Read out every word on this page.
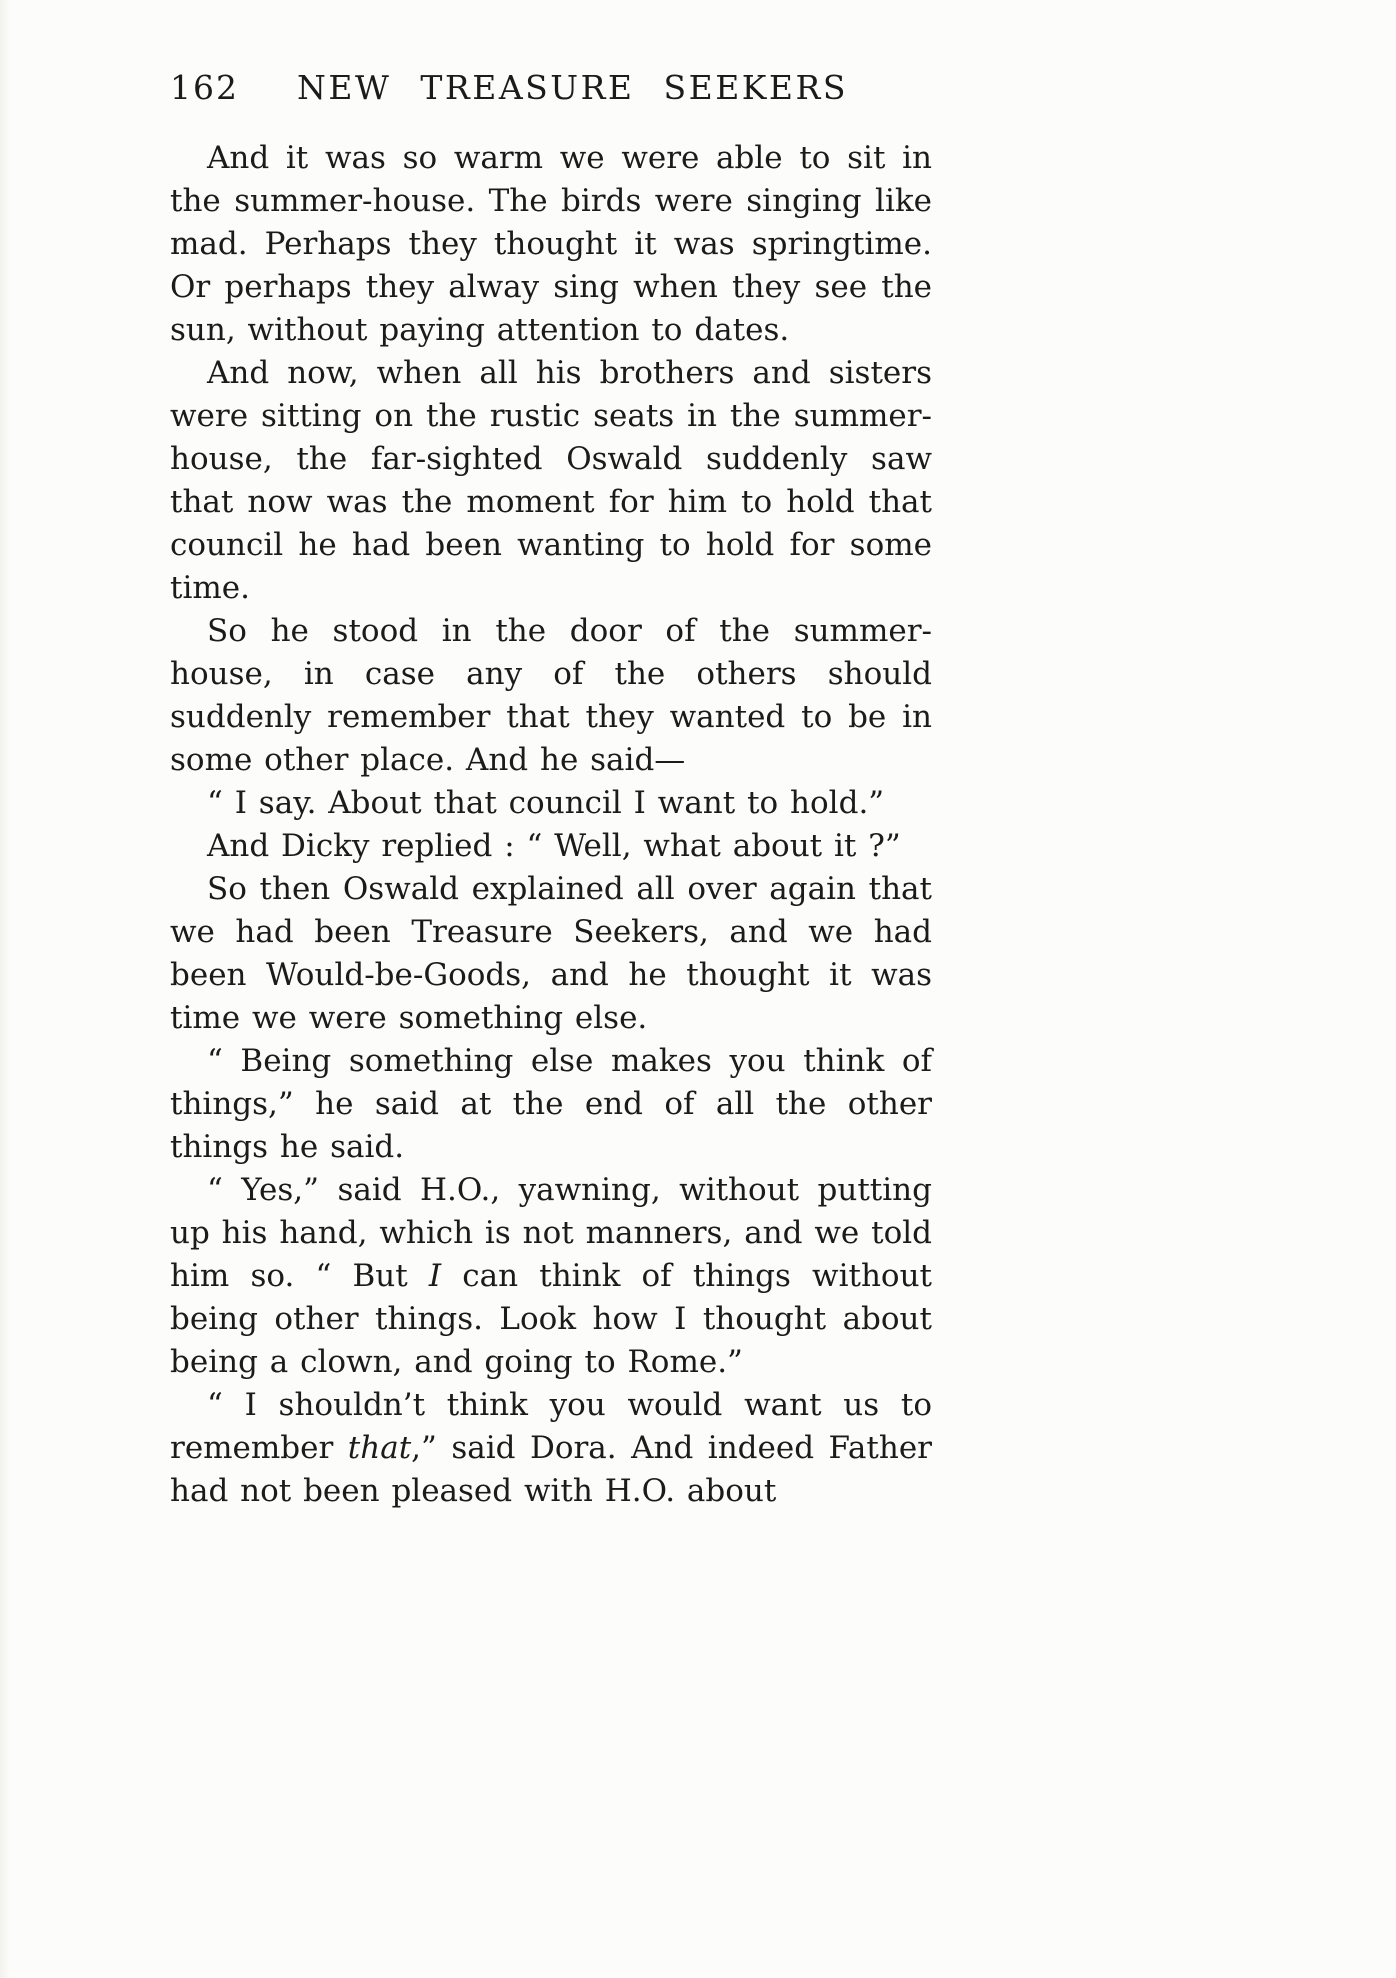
162 NEW TREASURE SEEKERS

And it was so warm we were able to sit in the summer-house. The birds were singing like mad. Perhaps they thought it was springtime. Or perhaps they alway sing when they see the sun, without paying attention to dates.

And now, when all his brothers and sisters were sitting on the rustic seats in the summer-house, the far-sighted Oswald suddenly saw that now was the moment for him to hold that council he had been wanting to hold for some time.

So he stood in the door of the summer-house, in case any of the others should suddenly remember that they wanted to be in some other place. And he said—

“ I say. About that council I want to hold.”

And Dicky replied : “ Well, what about it ?”

So then Oswald explained all over again that we had been Treasure Seekers, and we had been Would-be-Goods, and he thought it was time we were something else.

“ Being something else makes you think of things,” he said at the end of all the other things he said.

“ Yes,” said H.O., yawning, without putting up his hand, which is not manners, and we told him so. “ But I can think of things without being other things. Look how I thought about being a clown, and going to Rome.”

“ I shouldn’t think you would want us to remember that,” said Dora. And indeed Father had not been pleased with H.O. about
